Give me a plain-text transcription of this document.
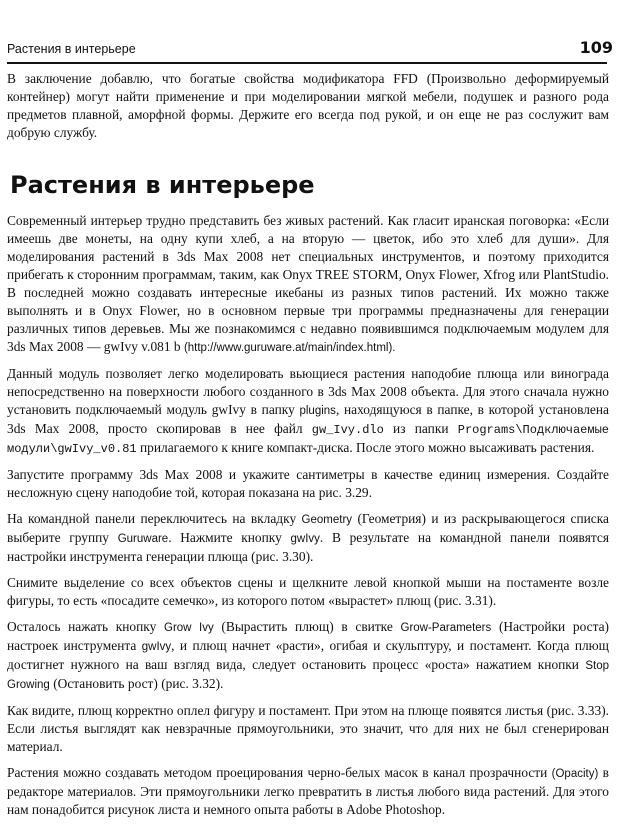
Растения в интерьере	109

В заключение добавлю, что богатые свойства модификатора FFD (Произвольно деформируемый контейнер) могут найти применение и при моделировании мягкой мебели, подушек и разного рода предметов плавной, аморфной формы. Держите его всегда под рукой, и он еще не раз сослужит вам добрую службу.

Растения в интерьере

Современный интерьер трудно представить без живых растений. Как гласит иранская поговорка: «Если имеешь две монеты, на одну купи хлеб, а на вторую — цветок, ибо это хлеб для души». Для моделирования растений в 3ds Max 2008 нет специальных инструментов, и поэтому приходится прибегать к сторонним программам, таким, как Onyx TREE STORM, Onyx Flower, Xfrog или PlantStudio. В последней можно создавать интересные икебаны из разных типов растений. Их можно также выполнять и в Onyx Flower, но в основном первые три программы предназначены для генерации различных типов деревьев. Мы же познакомимся с недавно появившимся подключаемым модулем для 3ds Max 2008 — gwIvy v.081 b (http://www.guruware.at/main/index.html).

Данный модуль позволяет легко моделировать вьющиеся растения наподобие плюща или винограда непосредственно на поверхности любого созданного в 3ds Max 2008 объекта. Для этого сначала нужно установить подключаемый модуль gwIvy в папку plugins, находящуюся в папке, в которой установлена 3ds Max 2008, просто скопировав в нее файл gw_Ivy.dlo из папки Programs\Подключаемые модули\gwIvy_v0.81 прилагаемого к книге компакт-диска. После этого можно высаживать растения.

Запустите программу 3ds Max 2008 и укажите сантиметры в качестве единиц измерения. Создайте несложную сцену наподобие той, которая показана на рис. 3.29.

На командной панели переключитесь на вкладку Geometry (Геометрия) и из раскрывающегося списка выберите группу Guruware. Нажмите кнопку gwIvy. В результате на командной панели появятся настройки инструмента генерации плюща (рис. 3.30).

Снимите выделение со всех объектов сцены и щелкните левой кнопкой мыши на постаменте возле фигуры, то есть «посадите семечко», из которого потом «вырастет» плющ (рис. 3.31).

Осталось нажать кнопку Grow Ivy (Вырастить плющ) в свитке Grow-Parameters (Настройки роста) настроек инструмента gwIvy, и плющ начнет «расти», огибая и скульптуру, и постамент. Когда плющ достигнет нужного на ваш взгляд вида, следует остановить процесс «роста» нажатием кнопки Stop Growing (Остановить рост) (рис. 3.32).

Как видите, плющ корректно оплел фигуру и постамент. При этом на плюще появятся листья (рис. 3.33). Если листья выглядят как невзрачные прямоугольники, это значит, что для них не был сгенерирован материал.

Растения можно создавать методом проецирования черно-белых масок в канал прозрачности (Opacity) в редакторе материалов. Эти прямоугольники легко превратить в листья любого вида растений. Для этого нам понадобится рисунок листа и немного опыта работы в Adobe Photoshop.
